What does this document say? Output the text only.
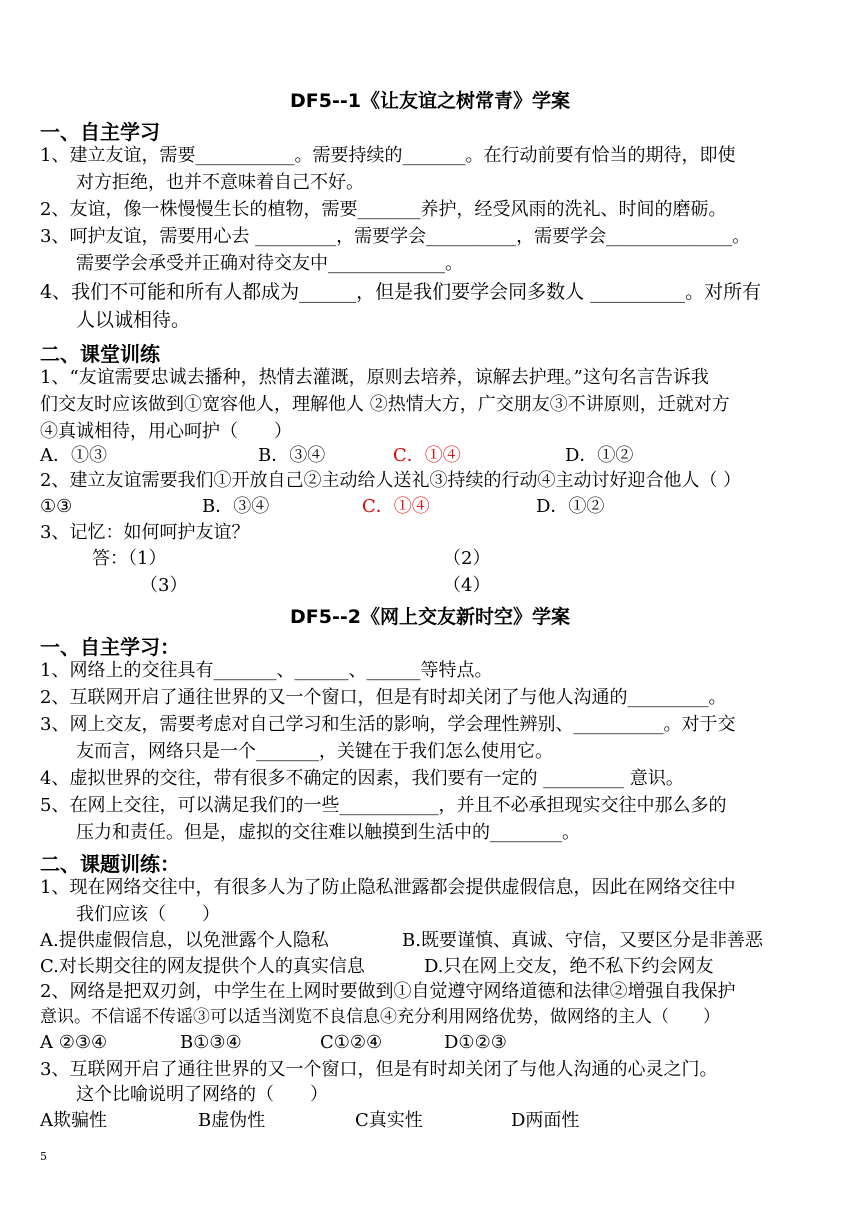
DF5--1《让友谊之树常青》学案
一、自主学习
1、建立友谊，需要___________。需要持续的_______。在行动前要有恰当的期待，即使
对方拒绝，也并不意味着自己不好。
2、友谊，像一株慢慢生长的植物，需要_______养护，经受风雨的洗礼、时间的磨砺。
3、呵护友谊，需要用心去 _________，需要学会__________，需要学会______________。
需要学会承受并正确对待交友中_____________。
4、我们不可能和所有人都成为______，但是我们要学会同多数人 __________。对所有
人以诚相待。
二、课堂训练
1、“友谊需要忠诚去播种，热情去灌溉，原则去培养，谅解去护理。”这句名言告诉我
们交友时应该做到①宽容他人，理解他人 ②热情大方，广交朋友③不讲原则，迁就对方
④真诚相待，用心呵护（　　）
A．①③	B．③④	C．①④	D．①②
2、建立友谊需要我们①开放自己②主动给人送礼③持续的行动④主动讨好迎合他人（ ）
①③	B．③④	C．①④	D．①②
3、记忆：如何呵护友谊？
答：（1）	（2）
（3）	（4）
DF5--2《网上交友新时空》学案
一、自主学习：
1、网络上的交往具有_______、______、______等特点。
2、互联网开启了通往世界的又一个窗口，但是有时却关闭了与他人沟通的_________。
3、网上交友，需要考虑对自己学习和生活的影响，学会理性辨别、__________。对于交
友而言，网络只是一个_______，关键在于我们怎么使用它。
4、虚拟世界的交往，带有很多不确定的因素，我们要有一定的 _________ 意识。
5、在网上交往，可以满足我们的一些___________，并且不必承担现实交往中那么多的
压力和责任。但是，虚拟的交往难以触摸到生活中的________。
二、课题训练：
1、现在网络交往中，有很多人为了防止隐私泄露都会提供虚假信息，因此在网络交往中
我们应该（　　）
A.提供虚假信息，以免泄露个人隐私	B.既要谨慎、真诚、守信，又要区分是非善恶
C.对长期交往的网友提供个人的真实信息	D.只在网上交友，绝不私下约会网友
2、网络是把双刃剑，中学生在上网时要做到①自觉遵守网络道德和法律②增强自我保护
意识。不信谣不传谣③可以适当浏览不良信息④充分利用网络优势，做网络的主人（　　）
A ②③④	B①③④	C①②④	D①②③
3、互联网开启了通往世界的又一个窗口，但是有时却关闭了与他人沟通的心灵之门。
这个比喻说明了网络的（　　）
A欺骗性	B虚伪性	C真实性	D两面性
5
